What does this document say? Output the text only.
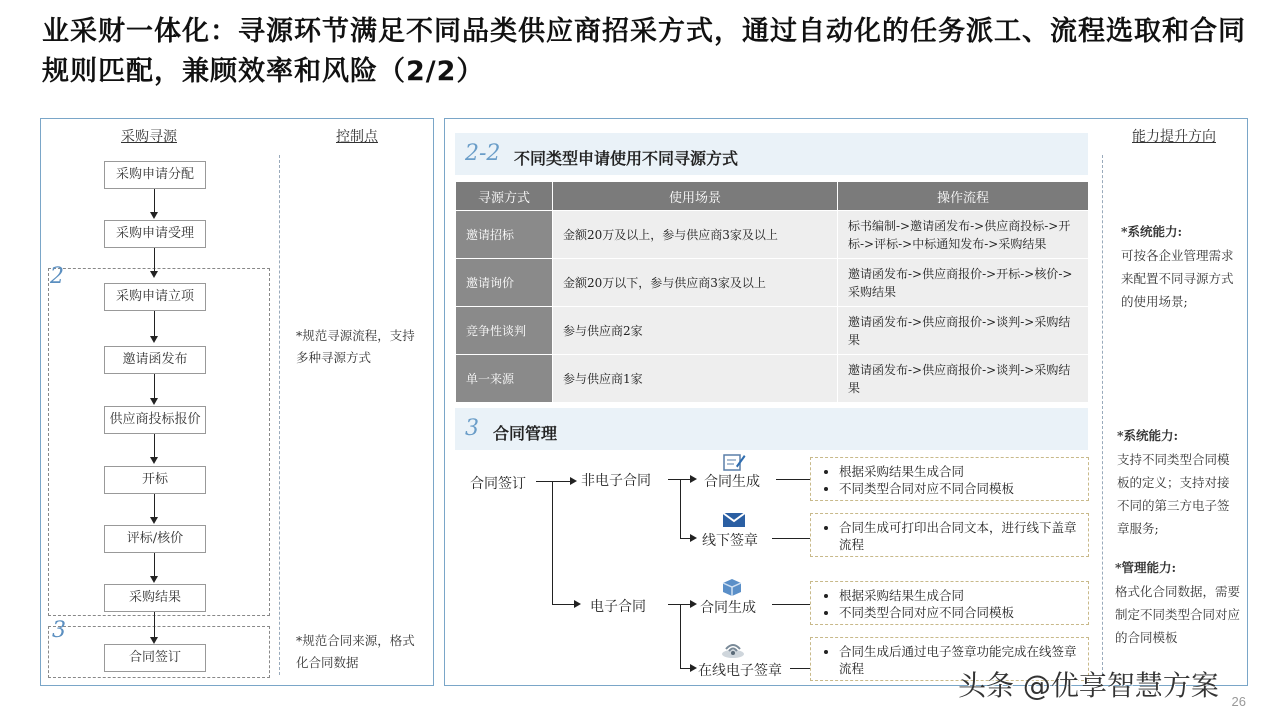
业采财一体化：寻源环节满足不同品类供应商招采方式，通过自动化的任务派工、流程选取和合同规则匹配，兼顾效率和风险（2/2）
采购寻源	控制点
2
3
采购申请分配
采购申请受理
采购申请立项
邀请函发布
供应商投标报价
开标
评标/核价
采购结果
合同签订
*规范寻源流程，支持多种寻源方式
*规范合同来源，格式化合同数据
能力提升方向
2-2 不同类型申请使用不同寻源方式
寻源方式	使用场景	操作流程
邀请招标	金额20万及以上，参与供应商3家及以上	标书编制->邀请函发布->供应商投标->开标->评标->中标通知发布->采购结果
邀请询价	金额20万以下，参与供应商3家及以上	邀请函发布->供应商报价->开标->核价->采购结果
竞争性谈判	参与供应商2家	邀请函发布->供应商报价->谈判->采购结果
单一来源	参与供应商1家	邀请函发布->供应商报价->谈判->采购结果
3 合同管理
合同签订	非电子合同
电子合同
合同生成
线下签章
合同生成
在线电子签章
• 根据采购结果生成合同
• 不同类型合同对应不同合同模板
• 合同生成可打印出合同文本，进行线下盖章流程
• 根据采购结果生成合同
• 不同类型合同对应不同合同模板
• 合同生成后通过电子签章功能完成在线签章流程
*系统能力:
可按各企业管理需求来配置不同寻源方式的使用场景;
*系统能力:
支持不同类型合同模板的定义；支持对接不同的第三方电子签章服务;
*管理能力:
格式化合同数据，需要制定不同类型合同对应的合同模板
头条 @优享智慧方案 26
